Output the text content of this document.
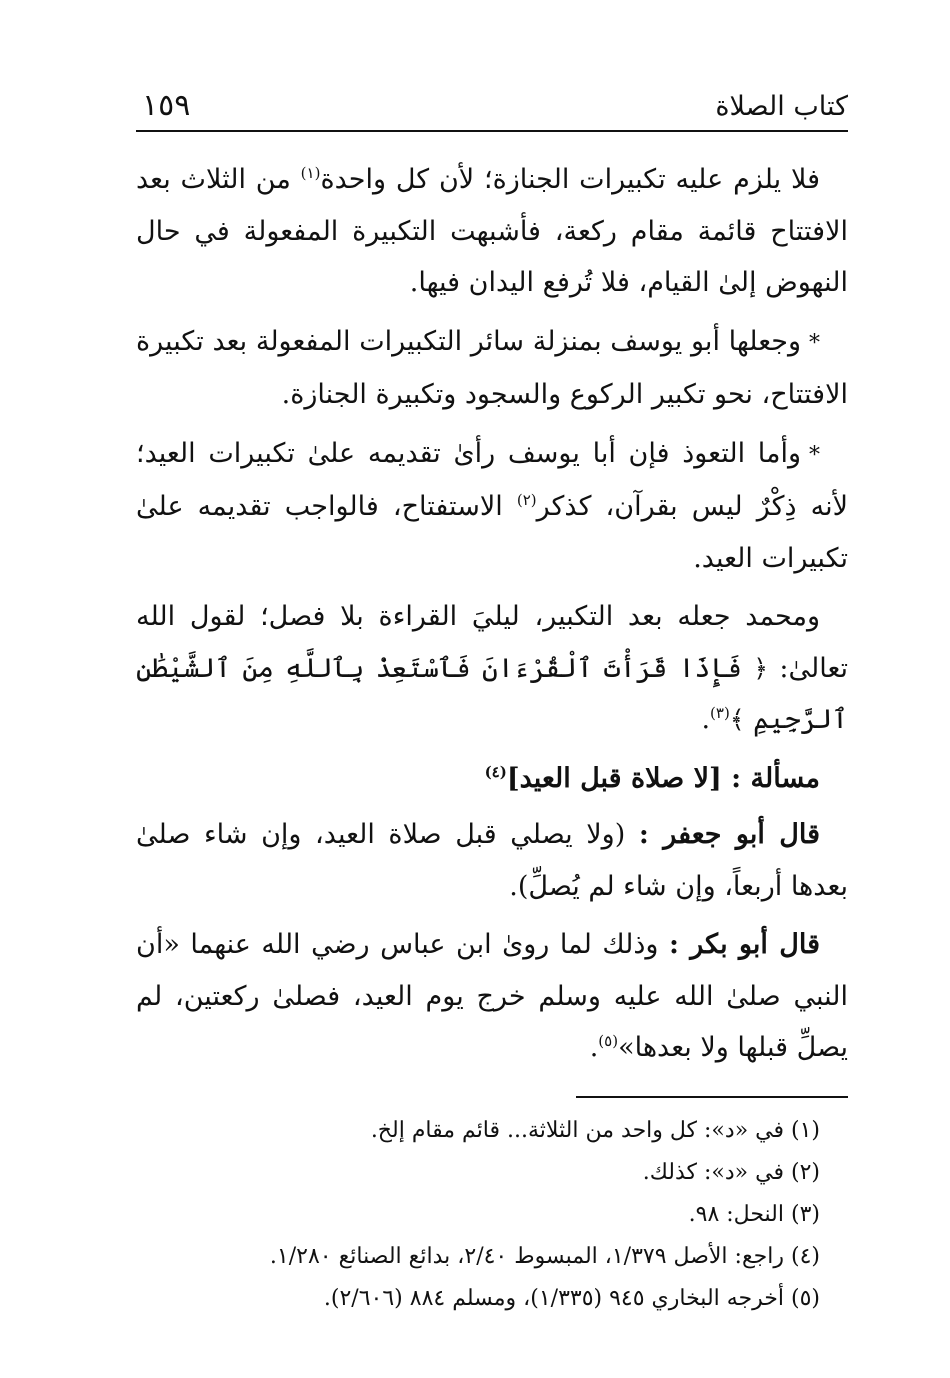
كتاب الصلاة
١٥٩

فلا يلزم عليه تكبيرات الجنازة؛ لأن كل واحدة$^{(١)}$ من الثلاث بعد الافتتاح قائمة مقام ركعة، فأشبهت التكبيرة المفعولة في حال النهوض إلىٰ القيام، فلا تُرفع اليدان فيها.

*وجعلها أبو يوسف بمنزلة سائر التكبيرات المفعولة بعد تكبيرة الافتتاح، نحو تكبير الركوع والسجود وتكبيرة الجنازة.

*وأما التعوذ فإن أبا يوسف رأىٰ تقديمه علىٰ تكبيرات العيد؛ لأنه ذِكْرٌ ليس بقرآن، كذكر$^{(٢)}$ الاستفتاح، فالواجب تقديمه علىٰ تكبيرات العيد.

ومحمد جعله بعد التكبير، ليليَ القراءة بلا فصل؛ لقول الله تعالىٰ: ﴿ فَإِذَا قَرَأْتَ ٱلْقُرْءَانَ فَٱسْتَعِذْ بِٱللَّهِ مِنَ ٱلشَّيْطَٰنِ ٱلرَّجِيمِ ﴾$^{(٣)}$.

مسألة : [لا صلاة قبل العيد]$^{(٤)}$

قال أبو جعفر : (ولا يصلي قبل صلاة العيد، وإن شاء صلىٰ بعدها أربعاً، وإن شاء لم يُصلِّ).

قال أبو بكر : وذلك لما روىٰ ابن عباس رضي الله عنهما «أن النبي صلىٰ الله عليه وسلم خرج يوم العيد، فصلىٰ ركعتين، لم يصلِّ قبلها ولا بعدها»$^{(٥)}$.

(١) في «د»: كل واحد من الثلاثة... قائم مقام إلخ.
(٢) في «د»: كذلك.
(٣) النحل: ٩٨.
(٤) راجع: الأصل ١/٣٧٩، المبسوط ٢/٤٠، بدائع الصنائع ١/٢٨٠.
(٥) أخرجه البخاري ٩٤٥ (١/٣٣٥)، ومسلم ٨٨٤ (٢/٦٠٦).
